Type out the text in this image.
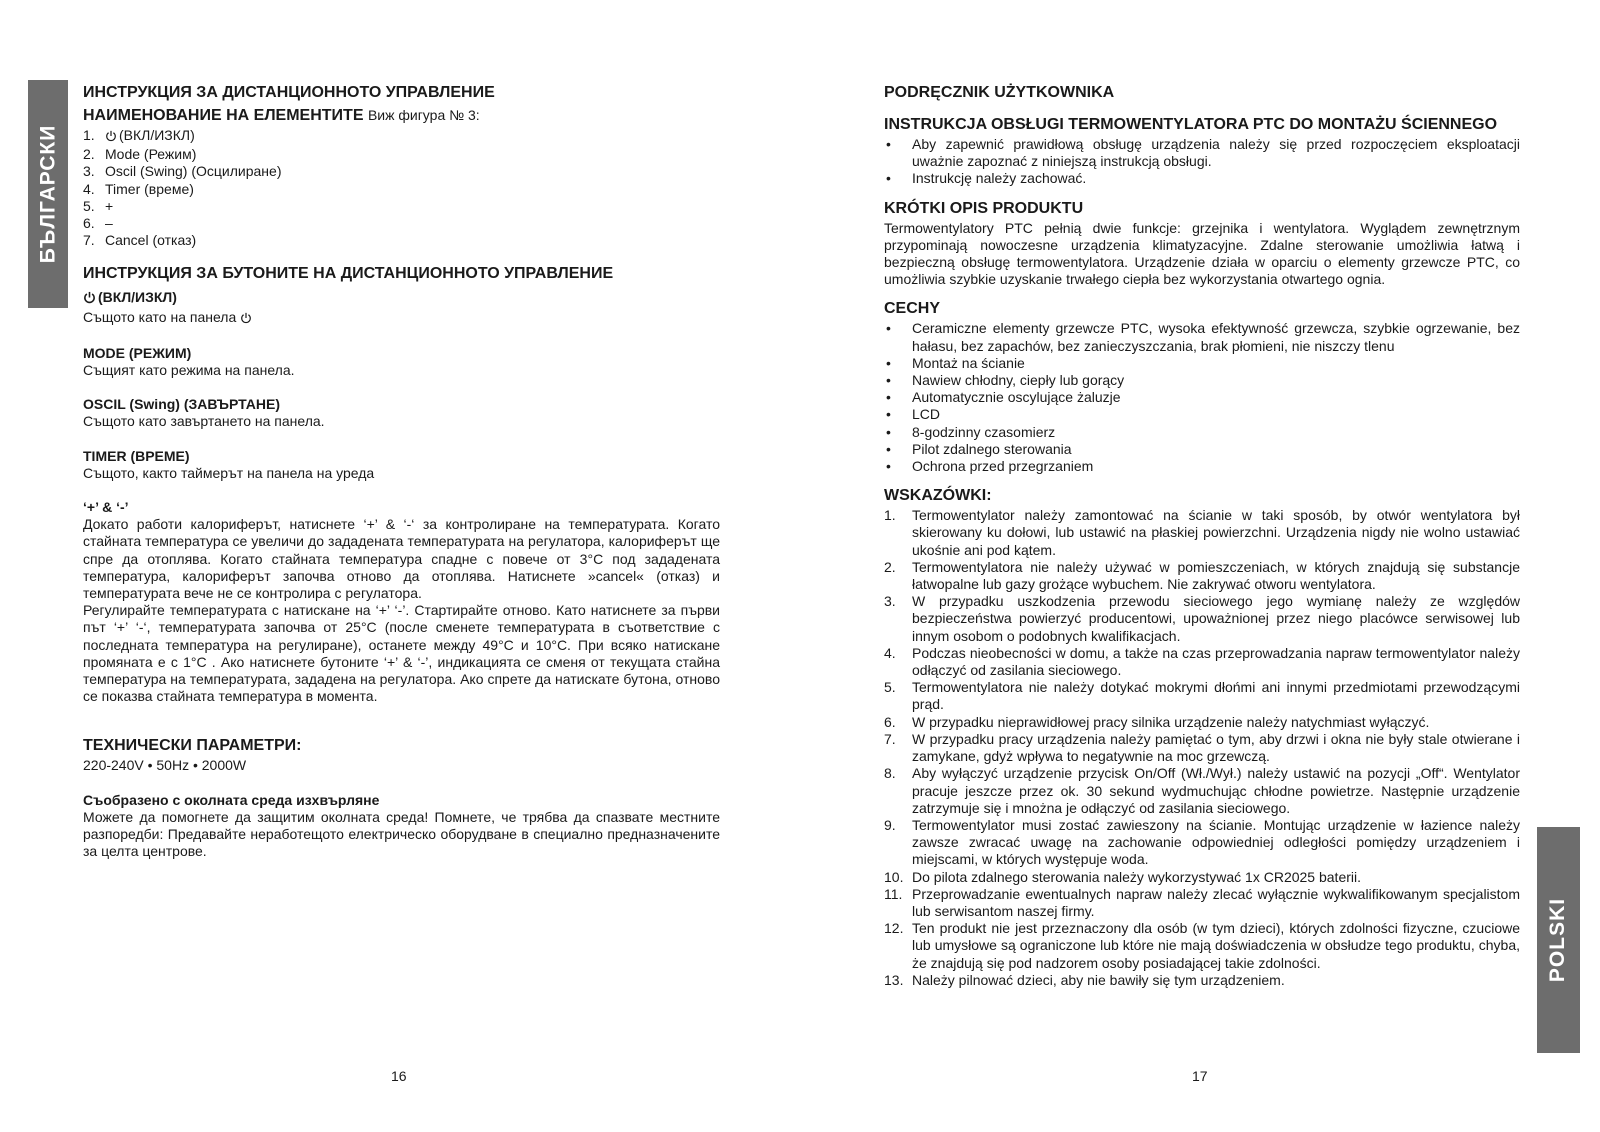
БЪЛГАРСКИ
ИНСТРУКЦИЯ ЗА ДИСТАНЦИОННОТО УПРАВЛЕНИЕ
НАИМЕНОВАНИЕ НА ЕЛЕМЕНТИТЕ Виж фигура № 3:
1. (ВКЛ/ИЗКЛ)
2. Mode (Режим)
3. Oscil (Swing) (Осцилиране)
4. Timer (време)
5. +
6. –
7. Cancel (отказ)
ИНСТРУКЦИЯ ЗА БУТОНИТЕ НА ДИСТАНЦИОННОТО УПРАВЛЕНИЕ
(ВКЛ/ИЗКЛ)

Същото като на панела

MODE (РЕЖИМ)

Същият като режима на панела.

OSCIL (Swing) (ЗАВЪРТАНЕ)

Същото като завъртането на панела.

TIMER (ВРЕМЕ)

Същото, както таймерът на панела на уреда

‘+’ & ‘-’

Докато работи калориферът, натиснете ‘+’ & ‘-‘ за контролиране на температурата. Когато стайната температура се увеличи до зададената температурата на регулатора, калориферът ще спре да отоплява. Когато стайната температура спадне с повече от 3°C под зададената температура, калориферът започва отново да отоплява. Натиснете »cancel« (отказ) и температурата вече не се контролира с регулатора.

Регулирайте температурата с натискане на ‘+’ ‘-’. Стартирайте отново. Като натиснете за първи път ‘+’ ‘-‘, температурата започва от 25°C (после сменете температурата в съответствие с последната температура на регулиране), останете между 49°C и 10°C. При всяко натискане промяната е с 1°C . Ако натиснете бутоните ‘+’ & ‘-’, индикацията се сменя от текущата стайна температура на температурата, зададена на регулатора. Ако спрете да натискате бутона, отново се показва стайната температура в момента.

ТЕХНИЧЕСКИ ПАРАМЕТРИ:

220-240V • 50Hz • 2000W

Съобразено с околната среда изхвърляне

Можете да помогнете да защитим околната среда! Помнете, че трябва да спазвате местните разпоредби: Предавайте неработещото електрическо оборудване в специално предназначените за целта центрове.

16
PODRĘCZNIK UŻYTKOWNIKA
INSTRUKCJA OBSŁUGI TERMOWENTYLATORA PTC DO MONTAŻU ŚCIENNEGO
• Aby zapewnić prawidłową obsługę urządzenia należy się przed rozpoczęciem eksploatacji uważnie zapoznać z niniejszą instrukcją obsługi.
• Instrukcję należy zachować.
KRÓTKI OPIS PRODUKTU

Termowentylatory PTC pełnią dwie funkcje: grzejnika i wentylatora. Wyglądem zewnętrznym przypominają nowoczesne urządzenia klimatyzacyjne. Zdalne sterowanie umożliwia łatwą i bezpieczną obsługę termowentylatora. Urządzenie działa w oparciu o elementy grzewcze PTC, co umożliwia szybkie uzyskanie trwałego ciepła bez wykorzystania otwartego ognia.

CECHY
• Ceramiczne elementy grzewcze PTC, wysoka efektywność grzewcza, szybkie ogrzewanie, bez hałasu, bez zapachów, bez zanieczyszczania, brak płomieni, nie niszczy tlenu
• Montaż na ścianie
• Nawiew chłodny, ciepły lub gorący
• Automatycznie oscylujące żaluzje
• LCD
• 8-godzinny czasomierz
• Pilot zdalnego sterowania
• Ochrona przed przegrzaniem
WSKAZÓWKI:
1. Termowentylator należy zamontować na ścianie w taki sposób, by otwór wentylatora był skierowany ku dołowi, lub ustawić na płaskiej powierzchni. Urządzenia nigdy nie wolno ustawiać ukośnie ani pod kątem.
2. Termowentylatora nie należy używać w pomieszczeniach, w których znajdują się substancje łatwopalne lub gazy grożące wybuchem. Nie zakrywać otworu wentylatora.
3. W przypadku uszkodzenia przewodu sieciowego jego wymianę należy ze względów bezpieczeństwa powierzyć producentowi, upoważnionej przez niego placówce serwisowej lub innym osobom o podobnych kwalifikacjach.
4. Podczas nieobecności w domu, a także na czas przeprowadzania napraw termowentylator należy odłączyć od zasilania sieciowego.
5. Termowentylatora nie należy dotykać mokrymi dłońmi ani innymi przedmiotami przewodzącymi prąd.
6. W przypadku nieprawidłowej pracy silnika urządzenie należy natychmiast wyłączyć.
7. W przypadku pracy urządzenia należy pamiętać o tym, aby drzwi i okna nie były stale otwierane i zamykane, gdyż wpływa to negatywnie na moc grzewczą.
8. Aby wyłączyć urządzenie przycisk On/Off (Wł./Wył.) należy ustawić na pozycji „Off“. Wentylator pracuje jeszcze przez ok. 30 sekund wydmuchując chłodne powietrze. Następnie urządzenie zatrzymuje się i mnożna je odłączyć od zasilania sieciowego.
9. Termowentylator musi zostać zawieszony na ścianie. Montując urządzenie w łazience należy zawsze zwracać uwagę na zachowanie odpowiedniej odległości pomiędzy urządzeniem i miejscami, w których występuje woda.
10. Do pilota zdalnego sterowania należy wykorzystywać 1x CR2025 baterii.
11. Przeprowadzanie ewentualnych napraw należy zlecać wyłącznie wykwalifikowanym specjalistom lub serwisantom naszej firmy.
12. Ten produkt nie jest przeznaczony dla osób (w tym dzieci), których zdolności fizyczne, czuciowe lub umysłowe są ograniczone lub które nie mają doświadczenia w obsłudze tego produktu, chyba, że znajdują się pod nadzorem osoby posiadającej takie zdolności.
13. Należy pilnować dzieci, aby nie bawiły się tym urządzeniem.
17
POLSKI
